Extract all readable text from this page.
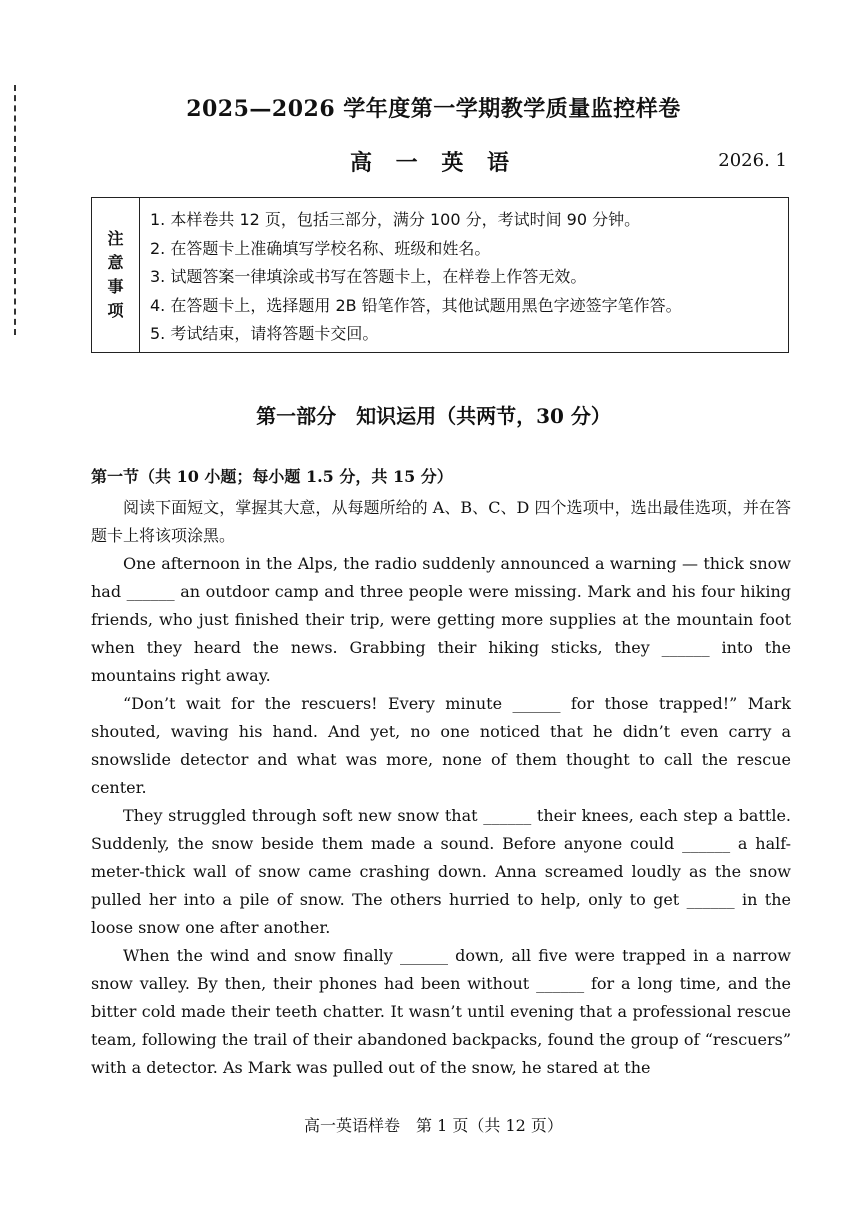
2025—2026 学年度第一学期教学质量监控样卷
高 一 英 语	2026. 1
注
意
事
项
1. 本样卷共 12 页，包括三部分，满分 100 分，考试时间 90 分钟。
2. 在答题卡上准确填写学校名称、班级和姓名。
3. 试题答案一律填涂或书写在答题卡上，在样卷上作答无效。
4. 在答题卡上，选择题用 2B 铅笔作答，其他试题用黑色字迹签字笔作答。
5. 考试结束，请将答题卡交回。
第一部分　知识运用（共两节，30 分）
第一节（共 10 小题；每小题 1.5 分，共 15 分）

阅读下面短文，掌握其大意，从每题所给的 A、B、C、D 四个选项中，选出最佳选项，并在答题卡上将该项涂黑。

One afternoon in the Alps, the radio suddenly announced a warning — thick snow had ______ an outdoor camp and three people were missing. Mark and his four hiking friends, who just finished their trip, were getting more supplies at the mountain foot when they heard the news. Grabbing their hiking sticks, they ______ into the mountains right away.

“Don’t wait for the rescuers! Every minute ______ for those trapped!” Mark shouted, waving his hand. And yet, no one noticed that he didn’t even carry a snowslide detector and what was more, none of them thought to call the rescue center.

They struggled through soft new snow that ______ their knees, each step a battle. Suddenly, the snow beside them made a sound. Before anyone could ______ a half-meter-thick wall of snow came crashing down. Anna screamed loudly as the snow pulled her into a pile of snow. The others hurried to help, only to get ______ in the loose snow one after another.

When the wind and snow finally ______ down, all five were trapped in a narrow snow valley. By then, their phones had been without ______ for a long time, and the bitter cold made their teeth chatter. It wasn’t until evening that a professional rescue team, following the trail of their abandoned backpacks, found the group of “rescuers” with a detector. As Mark was pulled out of the snow, he stared at the

高一英语样卷　第 1 页（共 12 页）
